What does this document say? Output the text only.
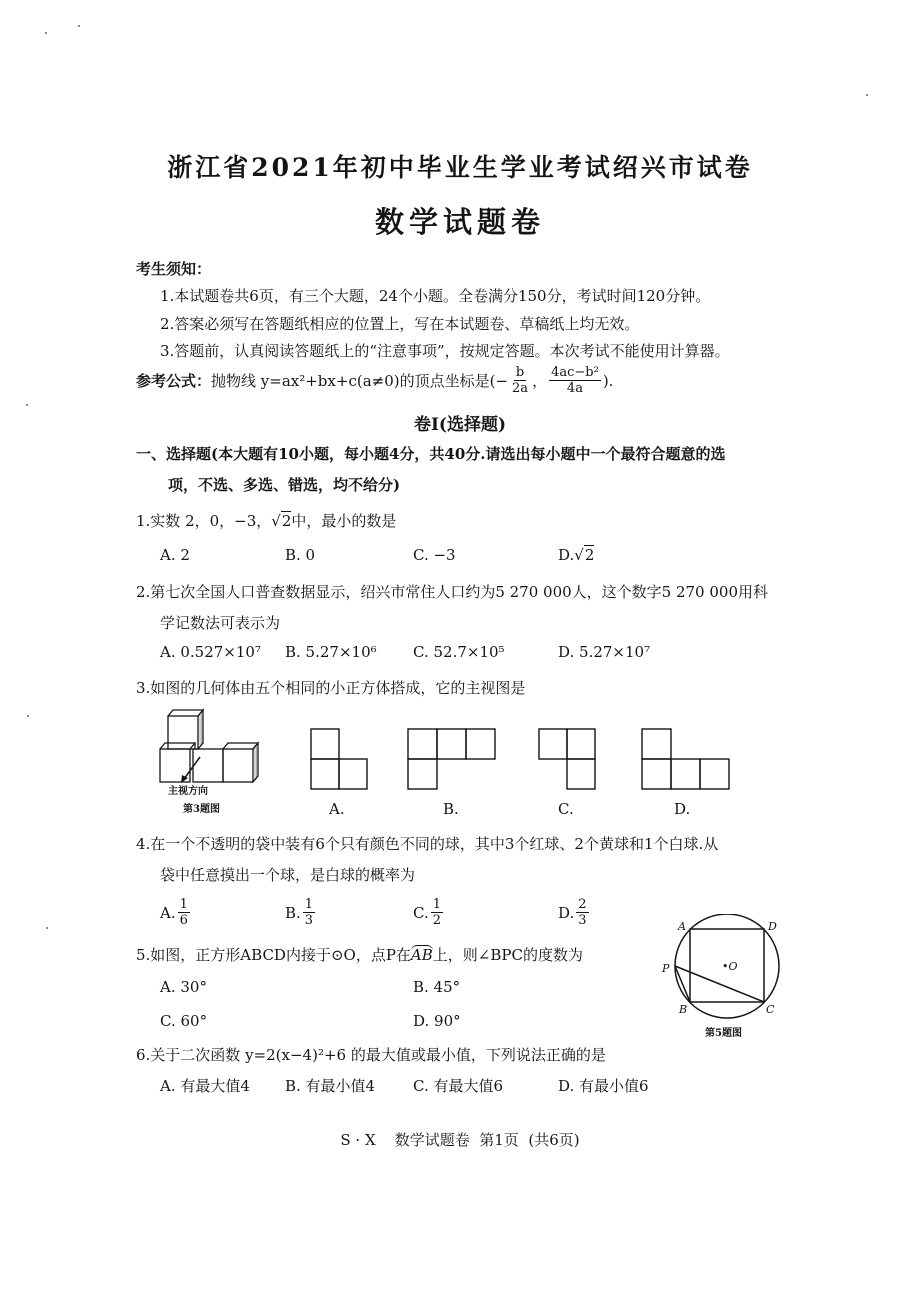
浙江省2021年初中毕业生学业考试绍兴市试卷
数学试题卷
考生须知：
1.本试题卷共6页，有三个大题，24个小题。全卷满分150分，考试时间120分钟。
2.答案必须写在答题纸相应的位置上，写在本试题卷、草稿纸上均无效。
3.答题前，认真阅读答题纸上的“注意事项”，按规定答题。本次考试不能使用计算器。
参考公式： 抛物线 y=ax²+bx+c(a≠0)的顶点坐标是(− $\frac{b}{2a}$ ， $\frac{\text{4ac−b²}}{4a}$ ).
卷Ⅰ(选择题)
一、选择题(本大题有10小题，每小题4分，共40分.请选出每小题中一个最符合题意的选
项，不选、多选、错选，均不给分)
1.实数 2，0，−3，√2中，最小的数是
A. 2	B. 0	C. −3	D.√2
2.第七次全国人口普查数据显示，绍兴市常住人口约为5 270 000人，这个数字5 270 000用科
学记数法可表示为
A. 0.527×10⁷ B. 5.27×10⁶ C. 52.7×10⁵	D. 5.27×10⁷
3.如图的几何体由五个相同的小正方体搭成，它的主视图是
主视方向
第3题图	A.	B.	C.	D.
4.在一个不透明的袋中装有6个只有颜色不同的球，其中3个红球、2个黄球和1个白球.从
袋中任意摸出一个球，是白球的概率为
A. $\frac{1}{6}$	B. $\frac{1}{3}$	C. $\frac{1}{2}$	D. $\frac{2}{3}$
5.如图，正方形ABCD内接于⊙O，点P在AB上，则∠BPC的度数为
A. 30°	B. 45°
C. 60°	D. 90°
A	D
P
B	C
•O
第5题图
6.关于二次函数 y=2(x−4)²+6 的最大值或最小值，下列说法正确的是
A. 有最大值4 B. 有最小值4	C. 有最大值6	D. 有最小值6
S · X    数学试题卷  第1页  (共6页)
